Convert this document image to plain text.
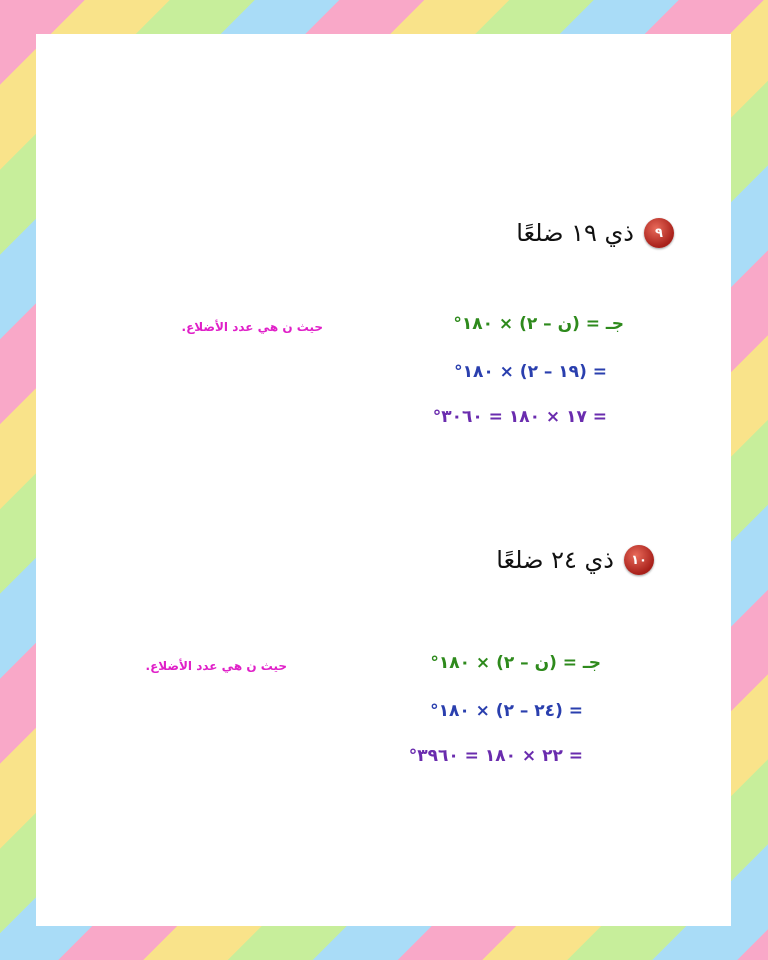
٩
ذي ١٩ ضلعًا
جـ = (ن – ٢) × ١٨٠°
حيث ن هي عدد الأضلاع.
= (١٩ – ٢) × ١٨٠°
= ١٧ × ١٨٠ = ٣٠٦٠°
١٠
ذي ٢٤ ضلعًا
جـ = (ن – ٢) × ١٨٠°
حيث ن هي عدد الأضلاع.
= (٢٤ – ٢) × ١٨٠°
= ٢٢ × ١٨٠ = ٣٩٦٠°
